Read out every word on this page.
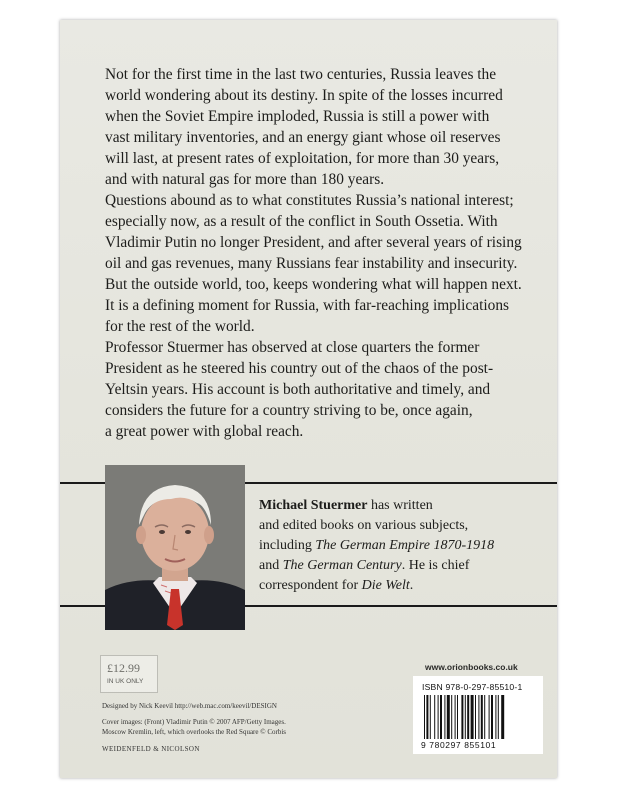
Not for the first time in the last two centuries, Russia leaves the
world wondering about its destiny. In spite of the losses incurred
when the Soviet Empire imploded, Russia is still a power with
vast military inventories, and an energy giant whose oil reserves
will last, at present rates of exploitation, for more than 30 years,
and with natural gas for more than 180 years.

Questions abound as to what constitutes Russia’s national interest;
especially now, as a result of the conflict in South Ossetia. With
Vladimir Putin no longer President, and after several years of rising
oil and gas revenues, many Russians fear instability and insecurity.
But the outside world, too, keeps wondering what will happen next.
It is a defining moment for Russia, with far-reaching implications
for the rest of the world.

Professor Stuermer has observed at close quarters the former
President as he steered his country out of the chaos of the post-
Yeltsin years. His account is both authoritative and timely, and
considers the future for a country striving to be, once again,
a great power with global reach.

Michael Stuermer has written
and edited books on various subjects,
including The German Empire 1870-1918
and The German Century. He is chief
correspondent for Die Welt.

£12.99
IN UK ONLY
www.orionbooks.co.uk
ISBN 978-0-297-85510-1
9 780297 855101

Designed by Nick Keevil http://web.mac.com/keevil/DESIGN

Cover images: (Front) Vladimir Putin © 2007 AFP/Getty Images.

Moscow Kremlin, left, which overlooks the Red Square © Corbis

WEIDENFELD & NICOLSON
